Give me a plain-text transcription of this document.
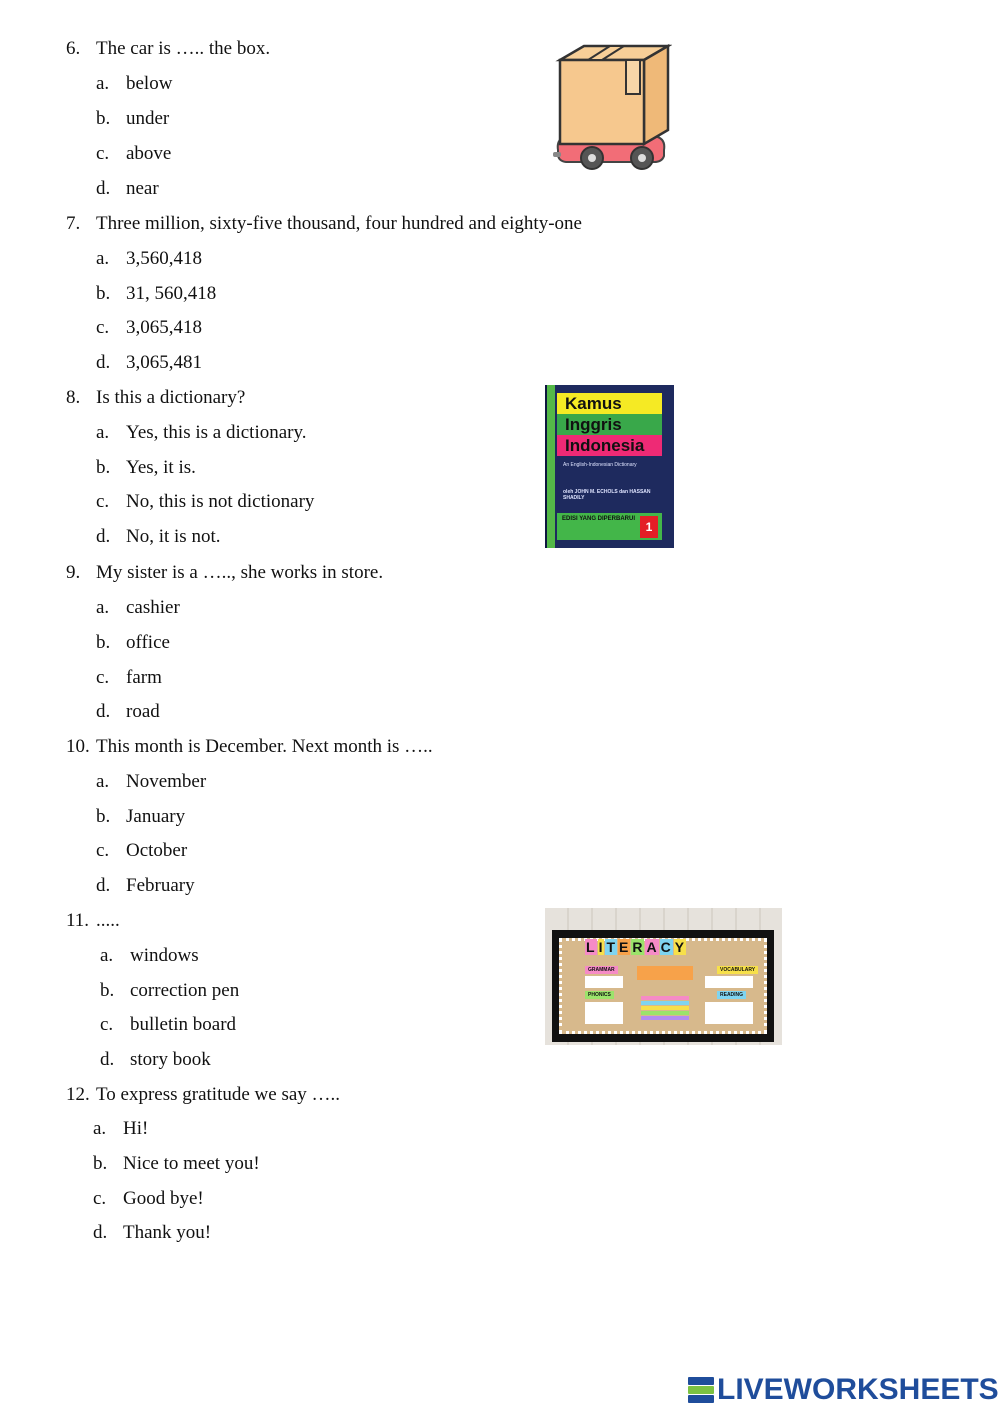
6. The car is ….. the box.
a. below
b. under
c. above
d. near
7. Three million, sixty-five thousand, four hundred and eighty-one
a. 3,560,418
b. 31, 560,418
c. 3,065,418
d. 3,065,481
8. Is this a dictionary?
a. Yes, this is a dictionary.
b. Yes, it is.
c. No, this is not dictionary
d. No, it is not.
Kamus
Inggris
Indonesia
An English-Indonesian Dictionary
oleh JOHN M. ECHOLS dan HASSAN SHADILY
EDISI YANG DIPERBARUI
1
9. My sister is a ….., she works in store.
a. cashier
b. office
c. farm
d. road
10. This month is December. Next month is …..
a. November
b. January
c. October
d. February
11. .....
a. windows
b. correction pen
c. bulletin board
d. story book
L I T E R A C Y
GRAMMAR	VOCABULARY
PHONICS	READING
12. To express gratitude we say …..
a. Hi!
b. Nice to meet you!
c. Good bye!
d. Thank you!
LIVEWORKSHEETS
